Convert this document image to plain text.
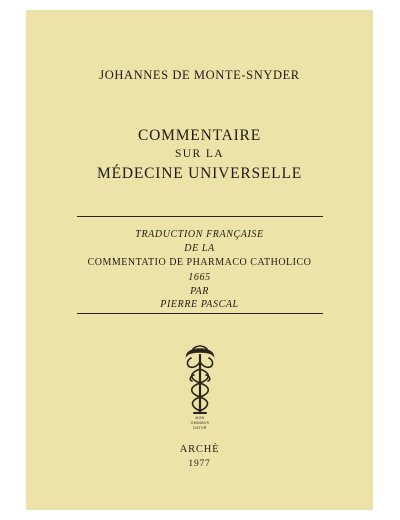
JOHANNES DE MONTE-SNYDER
COMMENTAIRE
SUR LA
MÉDECINE UNIVERSELLE
TRADUCTION FRANÇAISE
DE LA
COMMENTATIO DE PHARMACO CATHOLICO
1665
PAR
PIERRE PASCAL
NON
OMNIBVS
DATVR
ARCHÈ
1977
